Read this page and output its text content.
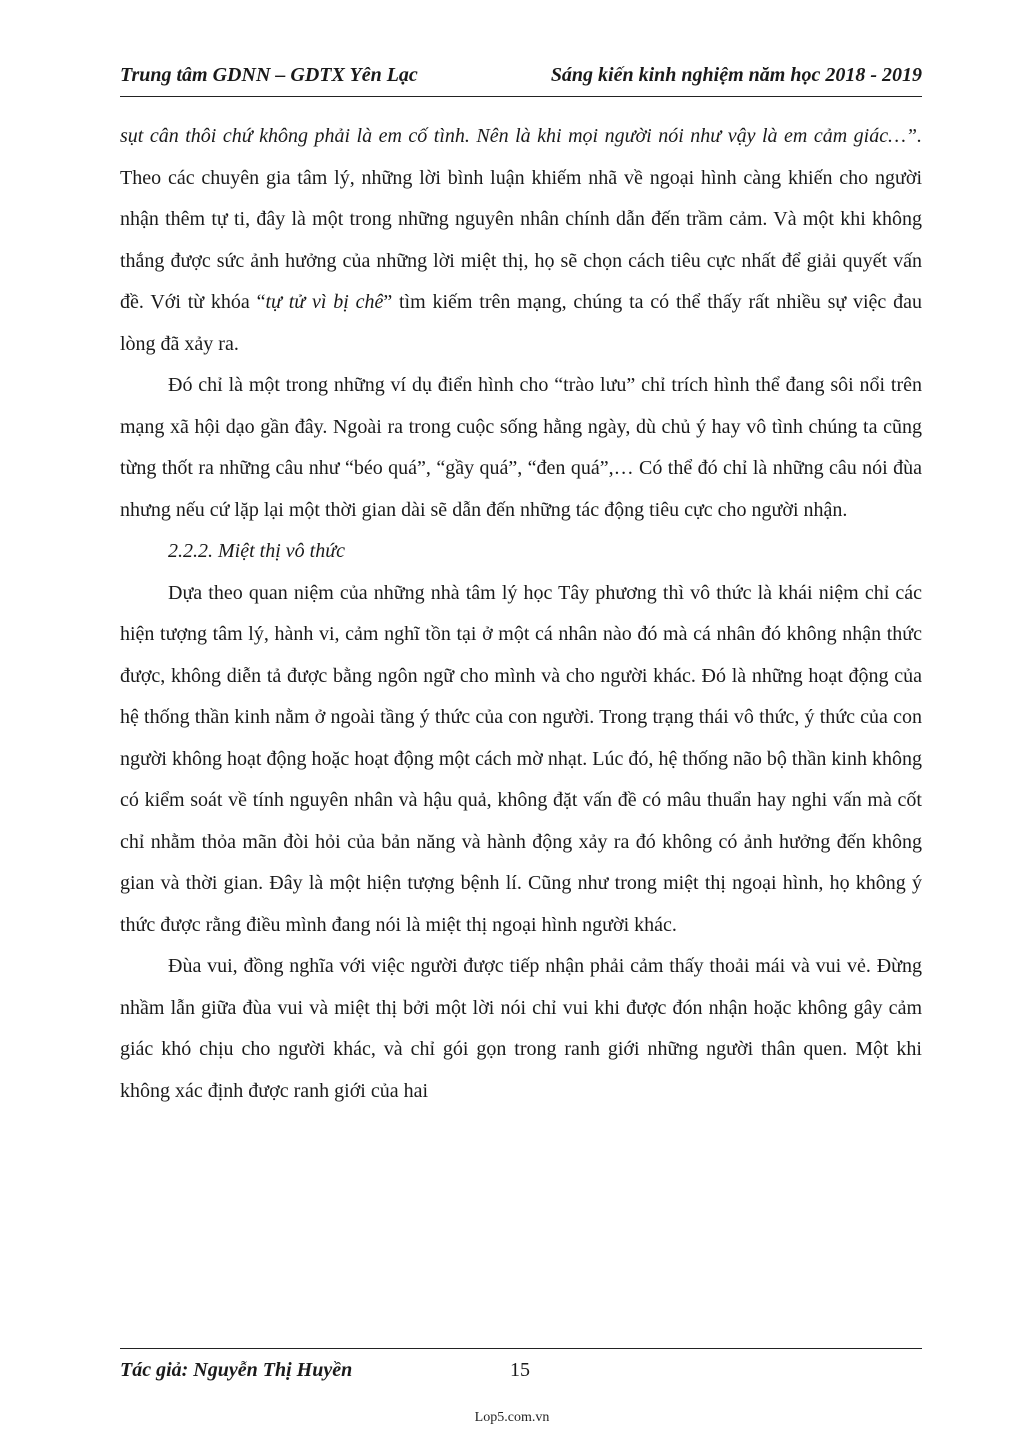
Trung tâm GDNN – GDTX Yên Lạc	Sáng kiến kinh nghiệm năm học 2018 - 2019

sụt cân thôi chứ không phải là em cố tình. Nên là khi mọi người nói như vậy là em cảm giác…”. Theo các chuyên gia tâm lý, những lời bình luận khiếm nhã về ngoại hình càng khiến cho người nhận thêm tự ti, đây là một trong những nguyên nhân chính dẫn đến trầm cảm. Và một khi không thắng được sức ảnh hưởng của những lời miệt thị, họ sẽ chọn cách tiêu cực nhất để giải quyết vấn đề. Với từ khóa “tự tử vì bị chê” tìm kiếm trên mạng, chúng ta có thể thấy rất nhiều sự việc đau lòng đã xảy ra.

Đó chỉ là một trong những ví dụ điển hình cho “trào lưu” chỉ trích hình thể đang sôi nổi trên mạng xã hội dạo gần đây. Ngoài ra trong cuộc sống hằng ngày, dù chủ ý hay vô tình chúng ta cũng từng thốt ra những câu như “béo quá”, “gầy quá”, “đen quá”,… Có thể đó chỉ là những câu nói đùa nhưng nếu cứ lặp lại một thời gian dài sẽ dẫn đến những tác động tiêu cực cho người nhận.

2.2.2. Miệt thị vô thức

Dựa theo quan niệm của những nhà tâm lý học Tây phương thì vô thức là khái niệm chỉ các hiện tượng tâm lý, hành vi, cảm nghĩ tồn tại ở một cá nhân nào đó mà cá nhân đó không nhận thức được, không diễn tả được bằng ngôn ngữ cho mình và cho người khác. Đó là những hoạt động của hệ thống thần kinh nằm ở ngoài tầng ý thức của con người. Trong trạng thái vô thức, ý thức của con người không hoạt động hoặc hoạt động một cách mờ nhạt. Lúc đó, hệ thống não bộ thần kinh không có kiểm soát về tính nguyên nhân và hậu quả, không đặt vấn đề có mâu thuẩn hay nghi vấn mà cốt chỉ nhằm thỏa mãn đòi hỏi của bản năng và hành động xảy ra đó không có ảnh hưởng đến không gian và thời gian. Đây là một hiện tượng bệnh lí. Cũng như trong miệt thị ngoại hình, họ không ý thức được rằng điều mình đang nói là miệt thị ngoại hình người khác.

Đùa vui, đồng nghĩa với việc người được tiếp nhận phải cảm thấy thoải mái và vui vẻ. Đừng nhầm lẫn giữa đùa vui và miệt thị bởi một lời nói chỉ vui khi được đón nhận hoặc không gây cảm giác khó chịu cho người khác, và chỉ gói gọn trong ranh giới những người thân quen. Một khi không xác định được ranh giới của hai

Tác giả: Nguyễn Thị Huyền	15
Lop5.com.vn
